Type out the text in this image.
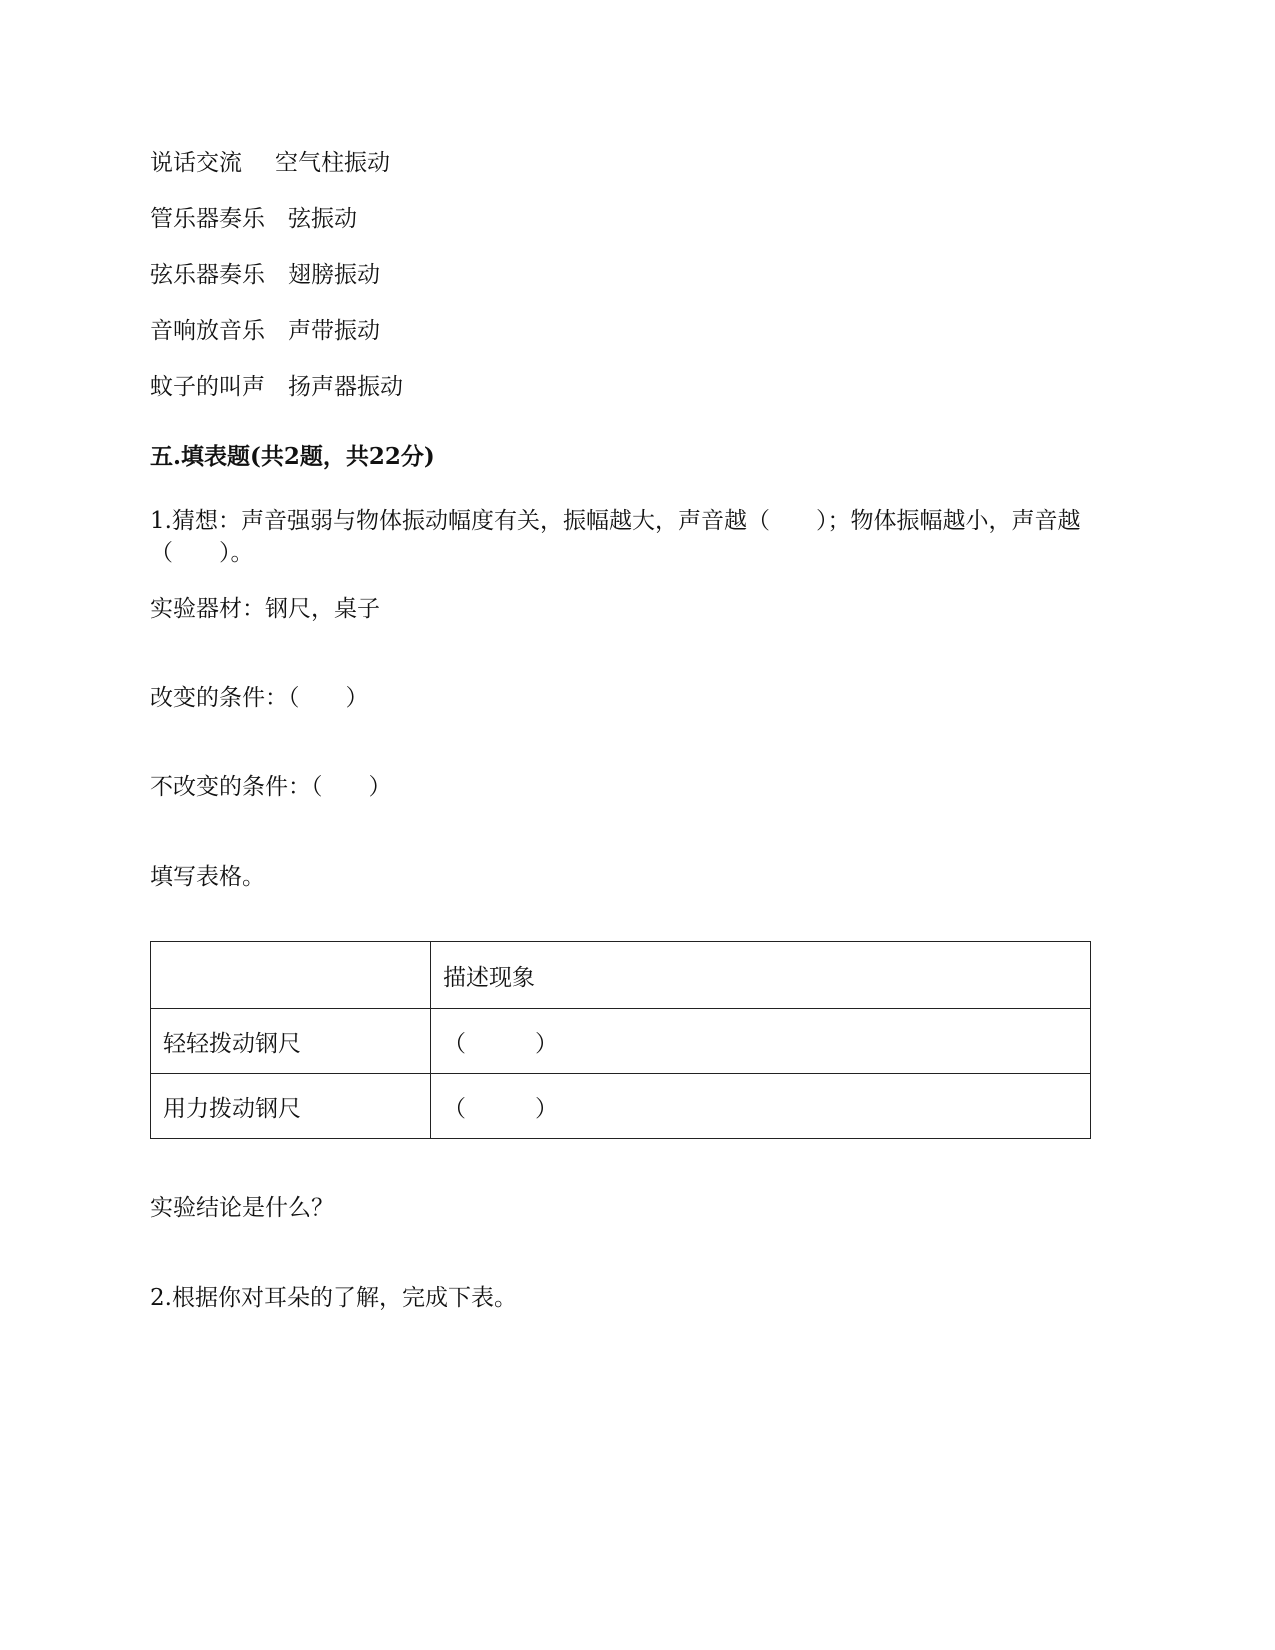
说话交流 空气柱振动
管乐器奏乐 弦振动
弦乐器奏乐 翅膀振动
音响放音乐 声带振动
蚊子的叫声 扬声器振动
五.填表题(共2题，共22分)
1.猜想：声音强弱与物体振动幅度有关，振幅越大，声音越（　　）；物体振幅越小，声音越（　　）。
实验器材：钢尺，桌子
改变的条件：（　　）
不改变的条件：（　　）
填写表格。
	描述现象
轻轻拨动钢尺	（　　　）
用力拨动钢尺	（　　　）
实验结论是什么？
2.根据你对耳朵的了解，完成下表。
